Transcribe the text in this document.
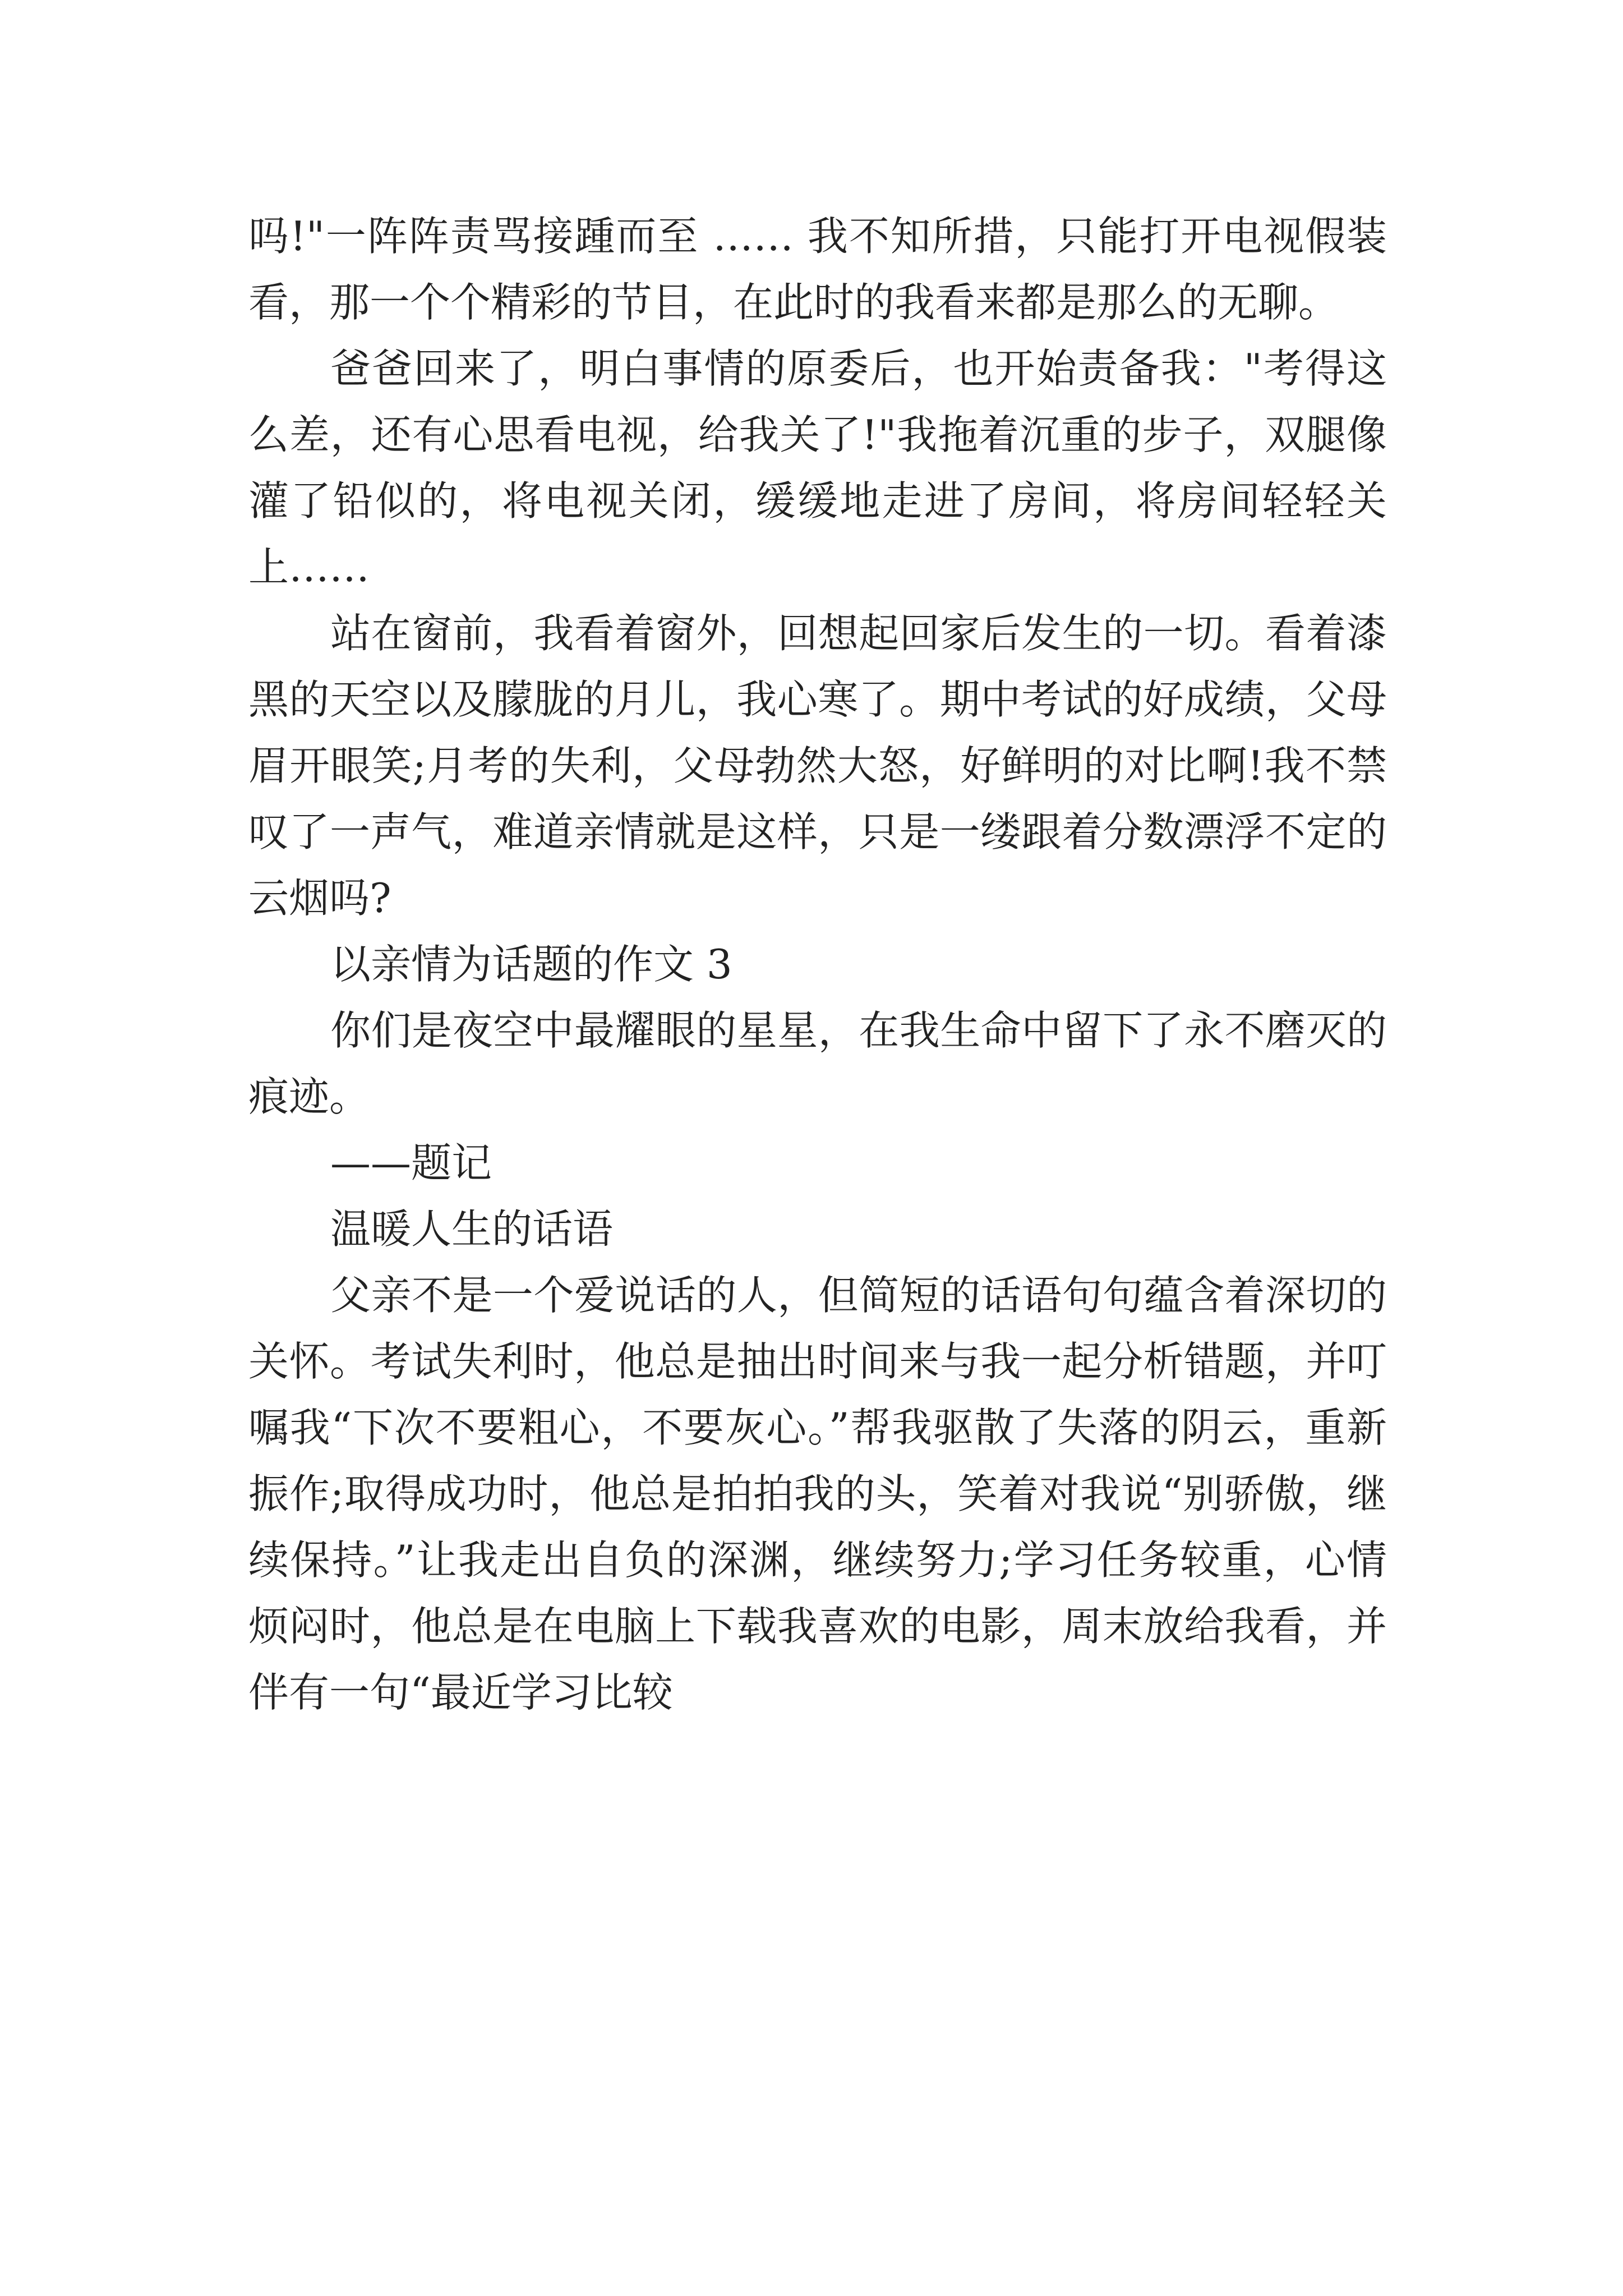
吗!"一阵阵责骂接踵而至 …… 我不知所措，只能打开电视假装看，那一个个精彩的节目，在此时的我看来都是那么的无聊。

爸爸回来了，明白事情的原委后，也开始责备我："考得这么差，还有心思看电视，给我关了!"我拖着沉重的步子，双腿像灌了铅似的，将电视关闭，缓缓地走进了房间，将房间轻轻关上……

站在窗前，我看着窗外，回想起回家后发生的一切。看着漆黑的天空以及朦胧的月儿，我心寒了。期中考试的好成绩，父母眉开眼笑;月考的失利，父母勃然大怒，好鲜明的对比啊!我不禁叹了一声气，难道亲情就是这样，只是一缕跟着分数漂浮不定的云烟吗?

以亲情为话题的作文 3

你们是夜空中最耀眼的星星，在我生命中留下了永不磨灭的痕迹。

——题记

温暖人生的话语

父亲不是一个爱说话的人，但简短的话语句句蕴含着深切的关怀。考试失利时，他总是抽出时间来与我一起分析错题，并叮嘱我“下次不要粗心，不要灰心。”帮我驱散了失落的阴云，重新振作;取得成功时，他总是拍拍我的头，笑着对我说“别骄傲，继续保持。”让我走出自负的深渊，继续努力;学习任务较重，心情烦闷时，他总是在电脑上下载我喜欢的电影，周末放给我看，并伴有一句“最近学习比较
